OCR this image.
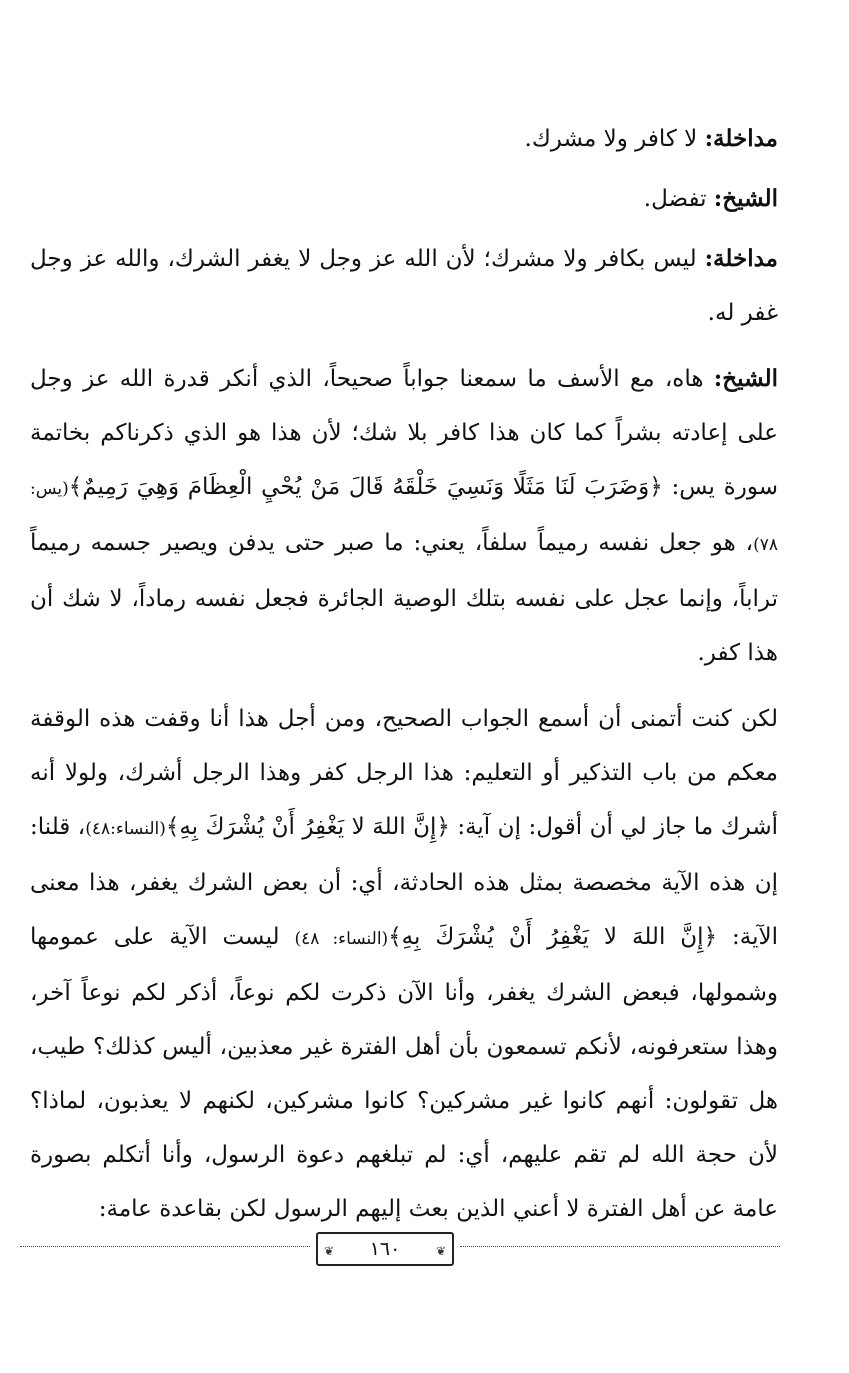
مداخلة: لا كافر ولا مشرك.

الشيخ: تفضل.

مداخلة: ليس بكافر ولا مشرك؛ لأن الله عز وجل لا يغفر الشرك، والله عز وجل غفر له.

الشيخ: هاه، مع الأسف ما سمعنا جواباً صحيحاً، الذي أنكر قدرة الله عز وجل على إعادته بشراً كما كان هذا كافر بلا شك؛ لأن هذا هو الذي ذكرناكم بخاتمة سورة يس: ﴿وَضَرَبَ لَنَا مَثَلًا وَنَسِيَ خَلْقَهُ قَالَ مَنْ يُحْيِ الْعِظَامَ وَهِيَ رَمِيمٌ﴾(يس: ٧٨)، هو جعل نفسه رميماً سلفاً، يعني: ما صبر حتى يدفن ويصير جسمه رميماً تراباً، وإنما عجل على نفسه بتلك الوصية الجائرة فجعل نفسه رماداً، لا شك أن هذا كفر.

لكن كنت أتمنى أن أسمع الجواب الصحيح، ومن أجل هذا أنا وقفت هذه الوقفة معكم من باب التذكير أو التعليم: هذا الرجل كفر وهذا الرجل أشرك، ولولا أنه أشرك ما جاز لي أن أقول: إن آية: ﴿إِنَّ اللهَ لا يَغْفِرُ أَنْ يُشْرَكَ بِهِ﴾(النساء:٤٨)، قلنا: إن هذه الآية مخصصة بمثل هذه الحادثة، أي: أن بعض الشرك يغفر، هذا معنى الآية: ﴿إِنَّ اللهَ لا يَغْفِرُ أَنْ يُشْرَكَ بِهِ﴾(النساء: ٤٨) ليست الآية على عمومها وشمولها، فبعض الشرك يغفر، وأنا الآن ذكرت لكم نوعاً، أذكر لكم نوعاً آخر، وهذا ستعرفونه، لأنكم تسمعون بأن أهل الفترة غير معذبين، أليس كذلك؟ طيب، هل تقولون: أنهم كانوا غير مشركين؟ كانوا مشركين، لكنهم لا يعذبون، لماذا؟ لأن حجة الله لم تقم عليهم، أي: لم تبلغهم دعوة الرسول، وأنا أتكلم بصورة عامة عن أهل الفترة لا أعني الذين بعث إليهم الرسول لكن بقاعدة عامة:

❦
١٦٠
❦
